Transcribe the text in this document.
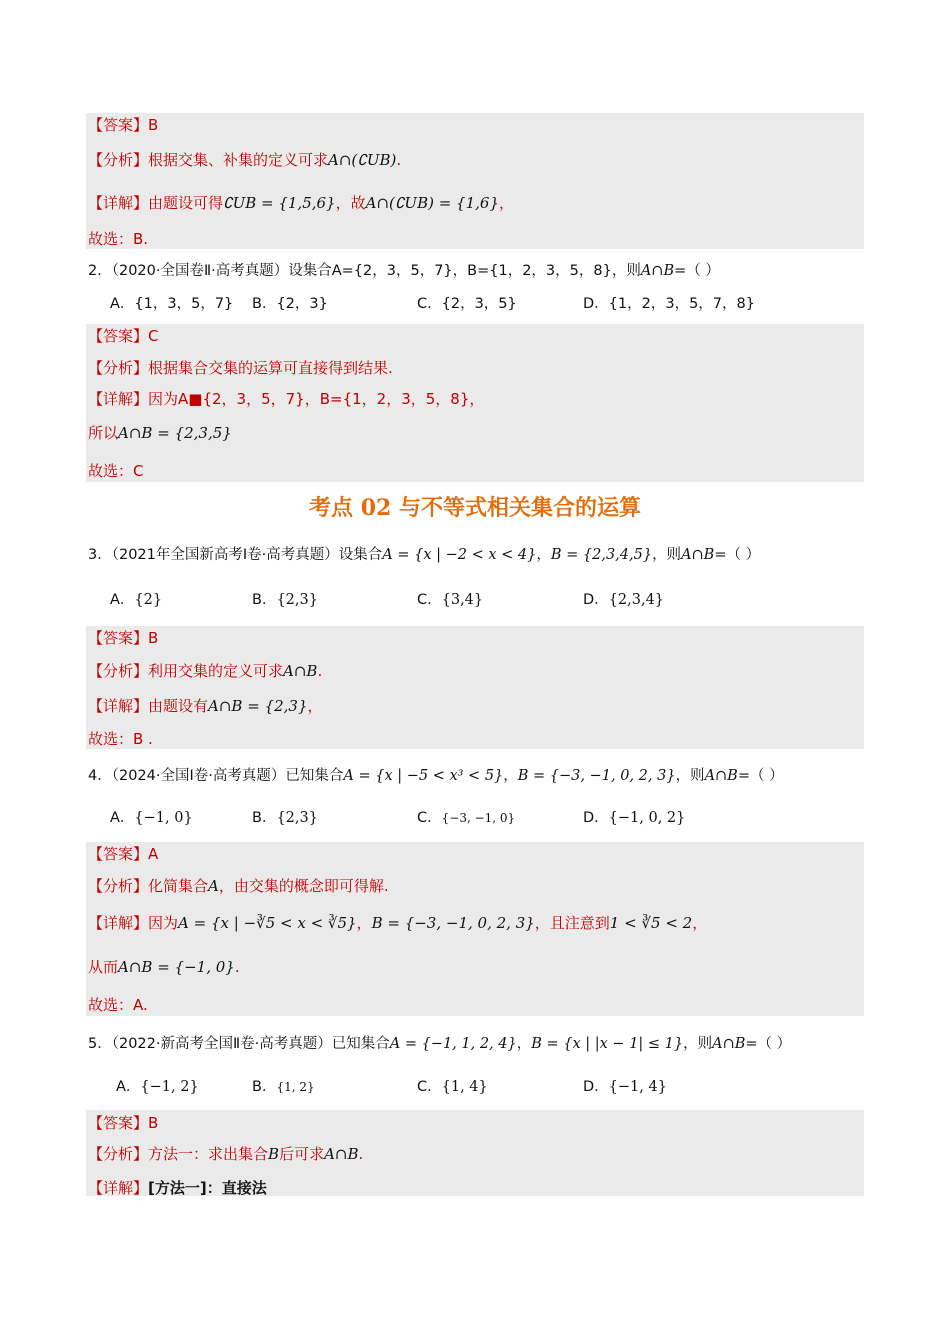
【答案】B
【分析】根据交集、补集的定义可求A∩(∁UB).
【详解】由题设可得∁UB = {1,5,6}，故A∩(∁UB) = {1,6}，
故选：B.
2．（2020·全国卷Ⅱ·高考真题）设集合A={2，3，5，7}，B={1，2，3，5，8}，则A∩B=（ ）
A．{1，3，5，7} B．{2，3}	C．{2，3，5}	D．{1，2，3，5，7，8}
【答案】C
【分析】根据集合交集的运算可直接得到结果.
【详解】因为A■{2，3，5，7}，B={1，2，3，5，8}，
所以A∩B = {2,3,5}
故选：C
考点 02 与不等式相关集合的运算
3．（2021年全国新高考Ⅰ卷·高考真题）设集合A = {x | −2 < x < 4}，B = {2,3,4,5}，则A∩B=（ ）
A．{2}	B．{2,3}	C．{3,4}	D．{2,3,4}
【答案】B
【分析】利用交集的定义可求A∩B.
【详解】由题设有A∩B = {2,3}，
故选：B .
4．（2024·全国Ⅰ卷·高考真题）已知集合A = {x | −5 < x³ < 5}，B = {−3, −1, 0, 2, 3}，则A∩B=（ ）
A．{−1, 0}	B．{2,3}	C．{−3, −1, 0}	D．{−1, 0, 2}
【答案】A
【分析】化简集合A，由交集的概念即可得解.
【详解】因为A = {x | −∛5 < x < ∛5}，B = {−3, −1, 0, 2, 3}，且注意到1 < ∛5 < 2，
从而A∩B = {−1, 0}.
故选：A.
5．（2022·新高考全国Ⅱ卷·高考真题）已知集合A = {−1, 1, 2, 4}，B = {x | |x − 1| ≤ 1}，则A∩B=（ ）
A．{−1, 2}	B．{1, 2}	C．{1, 4}	D．{−1, 4}
【答案】B
【分析】方法一：求出集合B后可求A∩B.
【详解】[方法一]：直接法
